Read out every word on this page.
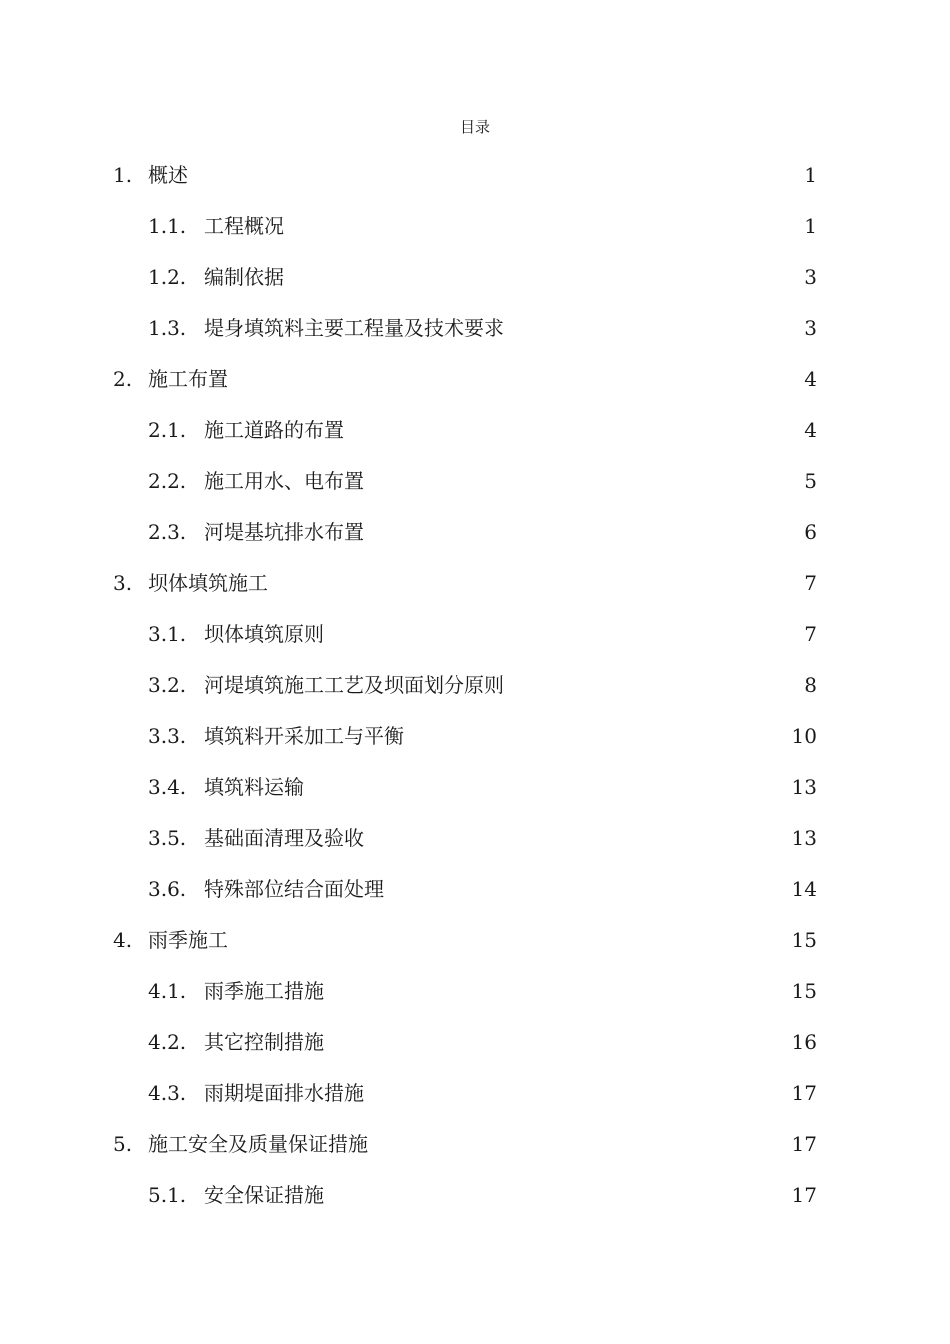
目录
1. 概述	1
1.1. 工程概况	1
1.2. 编制依据	3
1.3. 堤身填筑料主要工程量及技术要求	3
2. 施工布置	4
2.1. 施工道路的布置	4
2.2. 施工用水、电布置	5
2.3. 河堤基坑排水布置	6
3. 坝体填筑施工	7
3.1. 坝体填筑原则	7
3.2. 河堤填筑施工工艺及坝面划分原则	8
3.3. 填筑料开采加工与平衡	10
3.4. 填筑料运输	13
3.5. 基础面清理及验收	13
3.6. 特殊部位结合面处理	14
4. 雨季施工	15
4.1. 雨季施工措施	15
4.2. 其它控制措施	16
4.3. 雨期堤面排水措施	17
5. 施工安全及质量保证措施	17
5.1. 安全保证措施	17
